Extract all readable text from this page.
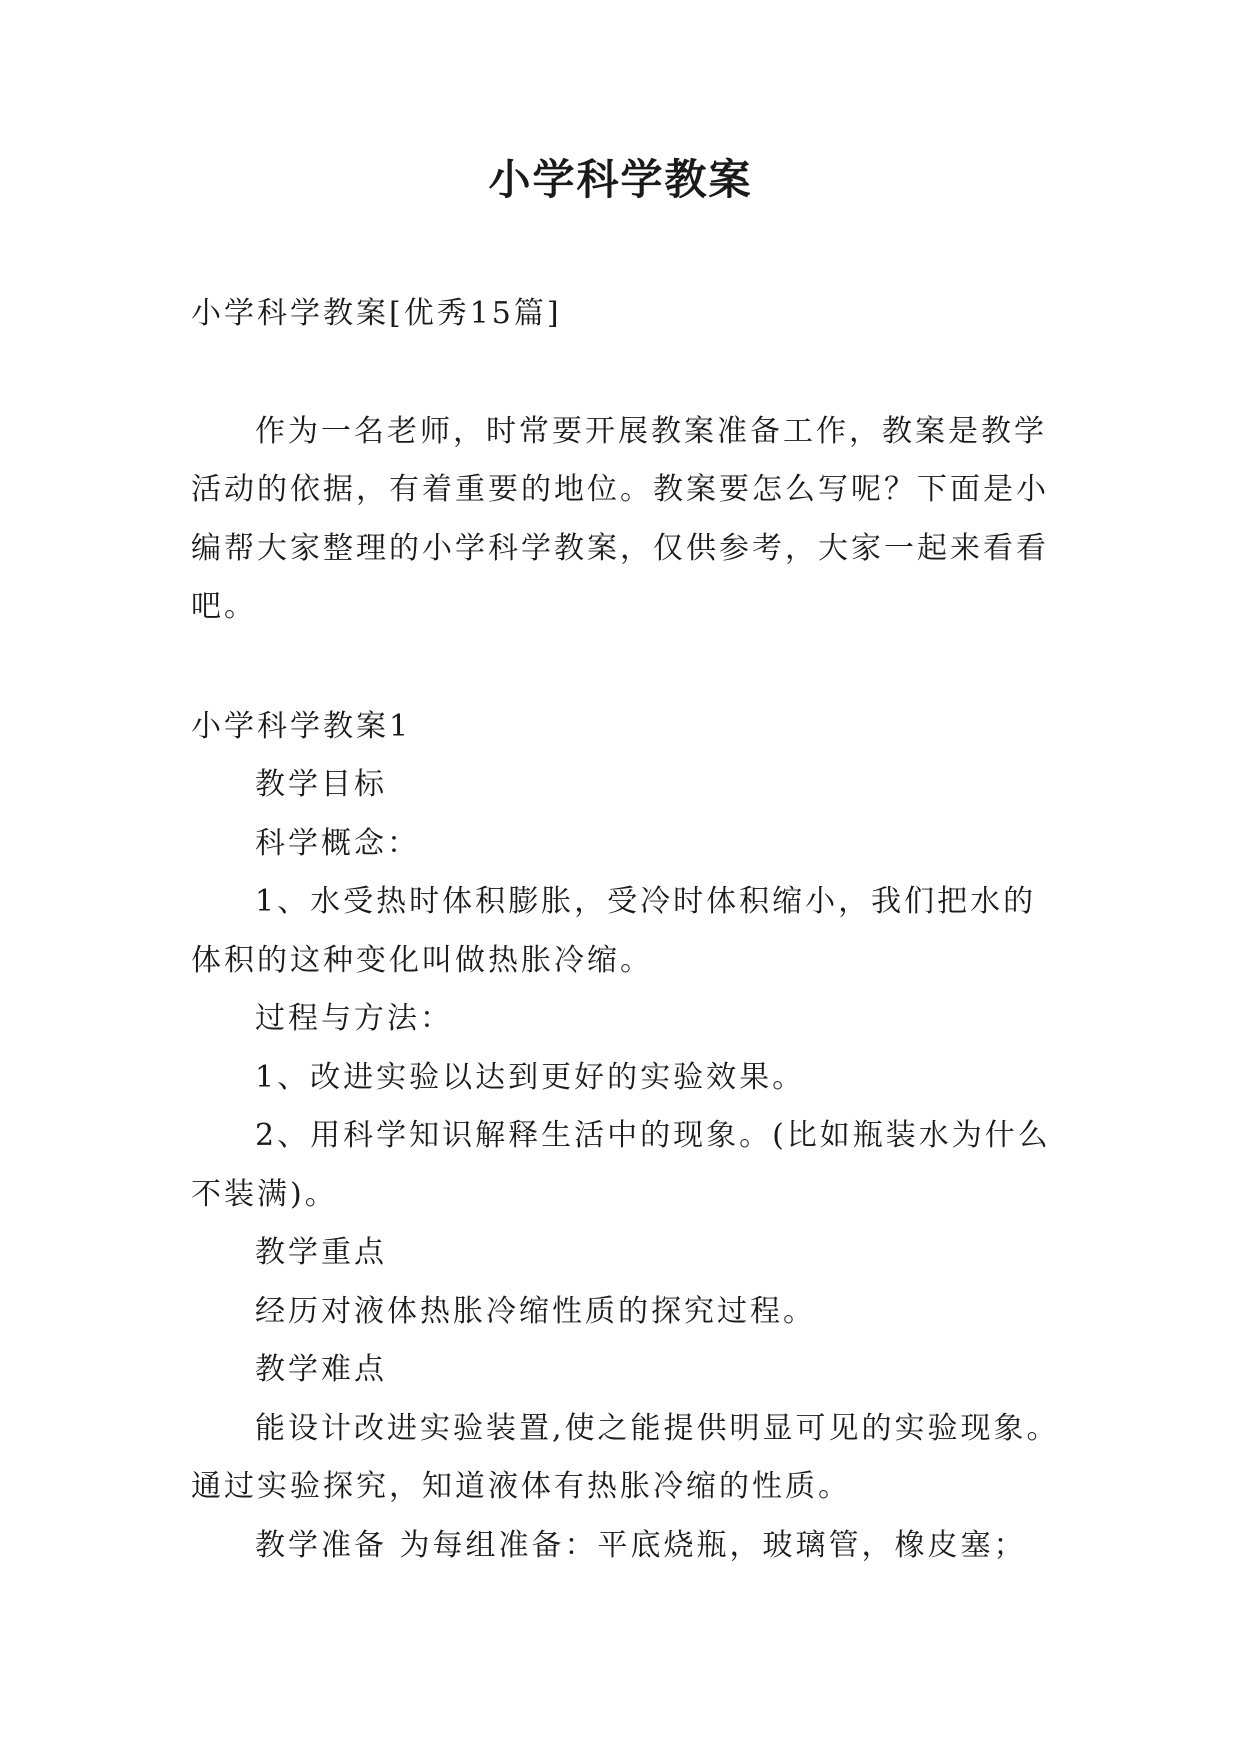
小学科学教案

小学科学教案[优秀15篇]

作为一名老师，时常要开展教案准备工作，教案是教学

活动的依据，有着重要的地位。教案要怎么写呢？下面是小

编帮大家整理的小学科学教案，仅供参考，大家一起来看看

吧。

小学科学教案1

教学目标

科学概念：

1、水受热时体积膨胀，受冷时体积缩小，我们把水的

体积的这种变化叫做热胀冷缩。

过程与方法：

1、改进实验以达到更好的实验效果。

2、用科学知识解释生活中的现象。(比如瓶装水为什么

不装满)。

教学重点

经历对液体热胀冷缩性质的探究过程。

教学难点

能设计改进实验装置,使之能提供明显可见的实验现象。

通过实验探究，知道液体有热胀冷缩的性质。

教学准备 为每组准备：平底烧瓶，玻璃管，橡皮塞；
